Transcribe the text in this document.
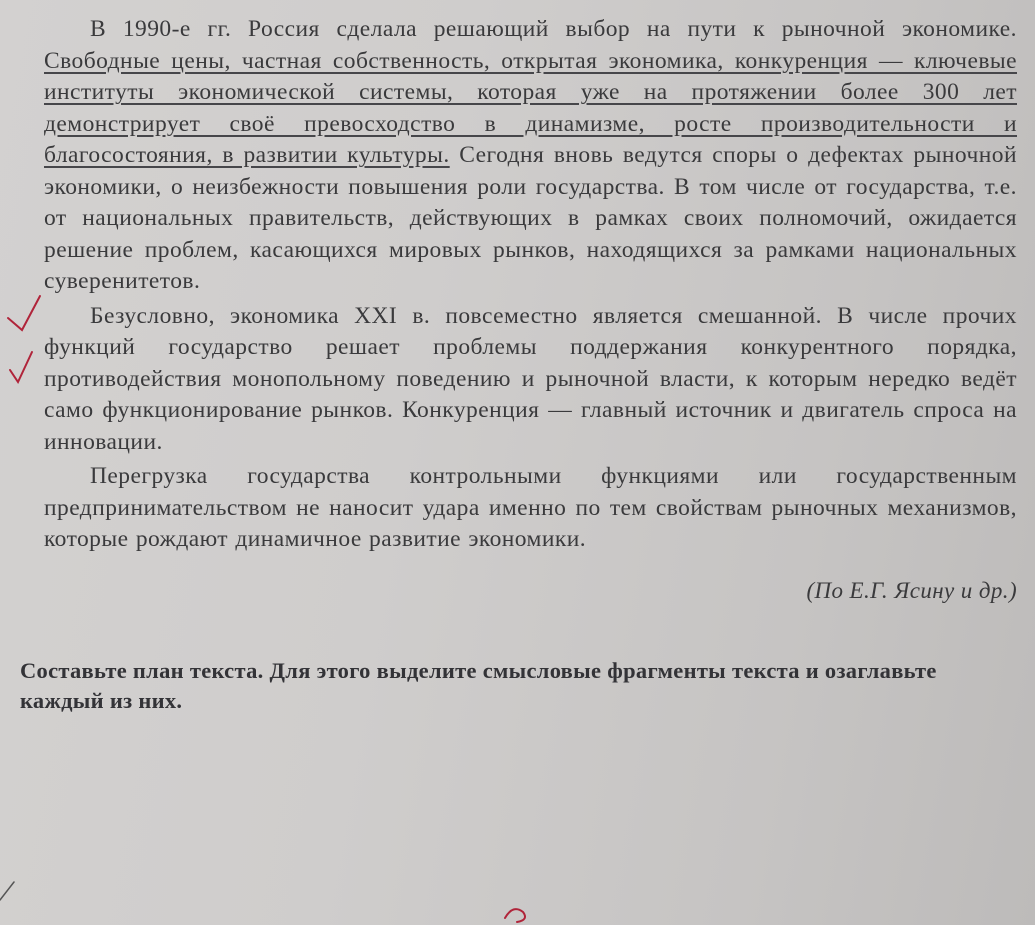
В 1990-е гг. Россия сделала решающий выбор на пути к рыночной экономике. Свободные цены, частная собственность, открытая экономика, конкуренция — ключевые институты экономической системы, которая уже на протяжении более 300 лет демонстрирует своё превосходство в динамизме, росте производительности и благосостояния, в развитии культуры. Сегодня вновь ведутся споры о дефектах рыночной экономики, о неизбежности повышения роли государства. В том числе от государства, т.е. от национальных правительств, действующих в рамках своих полномочий, ожидается решение проблем, касающихся мировых рынков, находящихся за рамками национальных суверенитетов.

Безусловно, экономика XXI в. повсеместно является смешанной. В числе прочих функций государство решает проблемы поддержания конкурентного порядка, противодействия монопольному поведению и рыночной власти, к которым нередко ведёт само функционирование рынков. Конкуренция — главный источник и двигатель спроса на инновации.

Перегрузка государства контрольными функциями или государственным предпринимательством не наносит удара именно по тем свойствам рыночных механизмов, которые рождают динамичное развитие экономики.

(По Е.Г. Ясину и др.)

Составьте план текста. Для этого выделите смысловые фрагменты текста и озаглавьте каждый из них.
